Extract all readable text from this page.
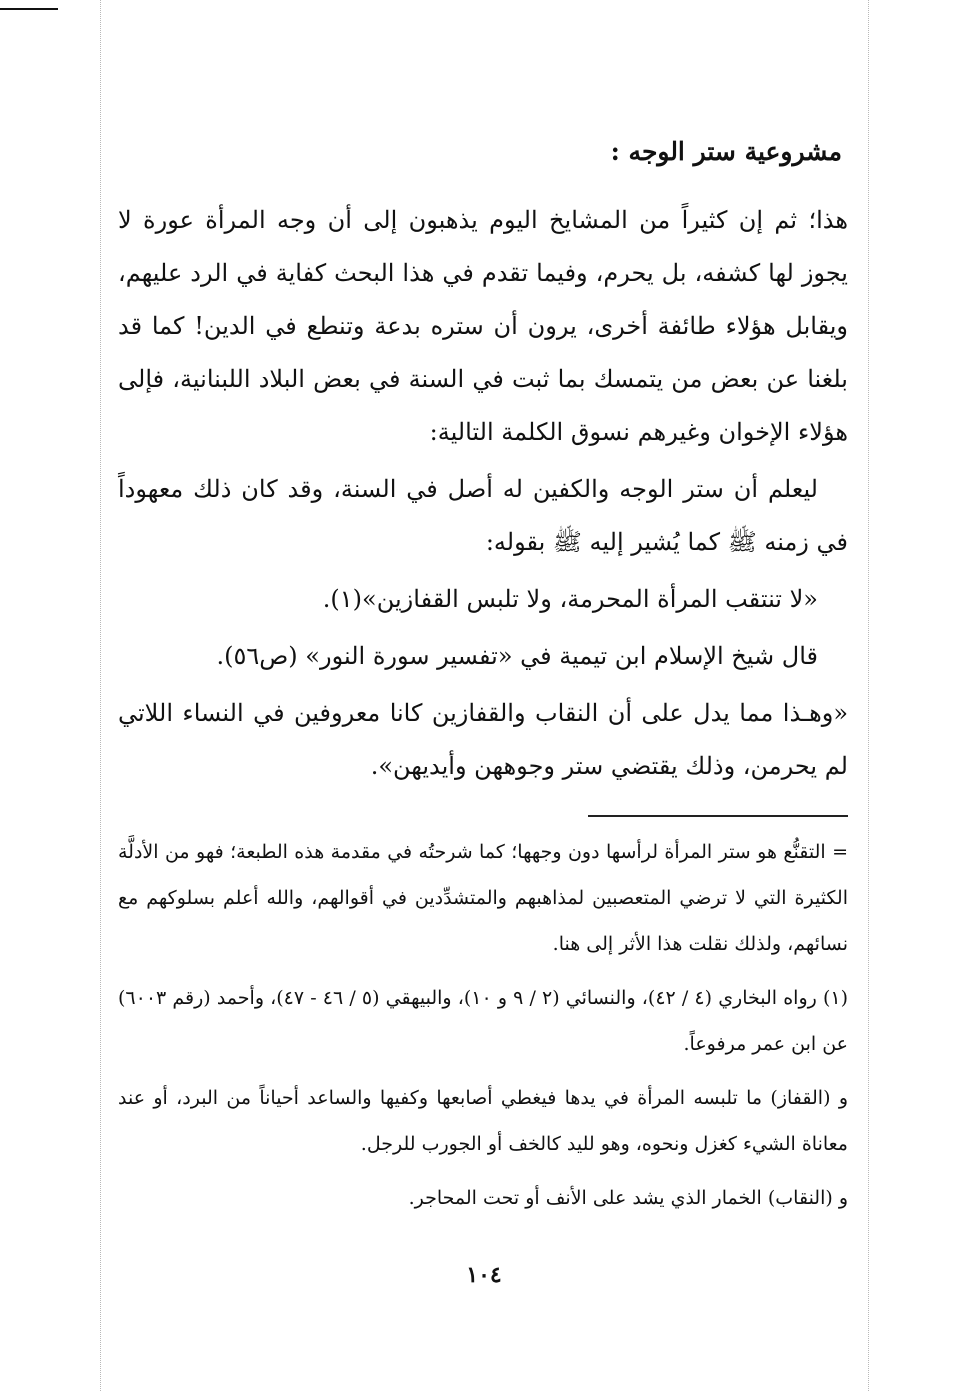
مشروعية ستر الوجه :

هذا؛ ثم إن كثيراً من المشايخ اليوم يذهبون إلى أن وجه المرأة عورة لا يجوز لها كشفه، بل يحرم، وفيما تقدم في هذا البحث كفاية في الرد عليهم، ويقابل هؤلاء طائفة أخرى، يرون أن ستره بدعة وتنطع في الدين! كما قد بلغنا عن بعض من يتمسك بما ثبت في السنة في بعض البلاد اللبنانية، فإلى هؤلاء الإخوان وغيرهم نسوق الكلمة التالية:

ليعلم أن ستر الوجه والكفين له أصل في السنة، وقد كان ذلك معهوداً في زمنه ﷺ كما يُشير إليه ﷺ بقوله:

«لا تنتقب المرأة المحرمة، ولا تلبس القفازين»(١).

قال شيخ الإسلام ابن تيمية في «تفسير سورة النور» (ص٥٦).

«وهـذا مما يدل على أن النقاب والقفازين كانا معروفين في النساء اللاتي لم يحرمن، وذلك يقتضي ستر وجوههن وأيديهن».

= التقنُّع هو ستر المرأة لرأسها دون وجهها؛ كما شرحتُه في مقدمة هذه الطبعة؛ فهو من الأدلَّة الكثيرة التي لا ترضي المتعصبين لمذاهبهم والمتشدِّدين في أقوالهم، والله أعلم بسلوكهم مع نسائهم، ولذلك نقلت هذا الأثر إلى هنا.

(١) رواه البخاري (٤ / ٤٢)، والنسائي (٢ / ٩ و ١٠)، والبيهقي (٥ / ٤٦ - ٤٧)، وأحمد (رقم ٦٠٠٣) عن ابن عمر مرفوعاً.

و (القفاز) ما تلبسه المرأة في يدها فيغطي أصابعها وكفيها والساعد أحياناً من البرد، أو عند معاناة الشيء كغزل ونحوه، وهو لليد كالخف أو الجورب للرجل.

و (النقاب) الخمار الذي يشد على الأنف أو تحت المحاجر.

١٠٤
